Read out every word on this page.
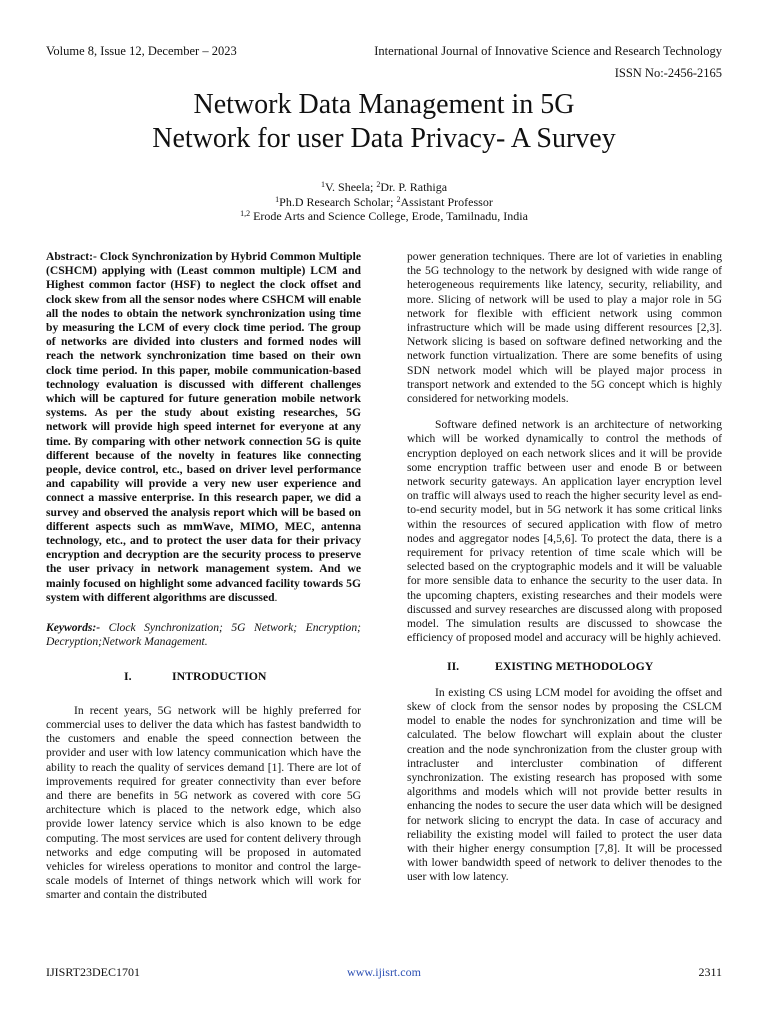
Volume 8, Issue 12, December – 2023	International Journal of Innovative Science and Research Technology
ISSN No:-2456-2165
Network Data Management in 5G
Network for user Data Privacy- A Survey
$^1$V. Sheela; $^2$Dr. P. Rathiga
$^1$Ph.D Research Scholar; $^2$Assistant Professor
$^{1,2}$ Erode Arts and Science College, Erode, Tamilnadu, India

Abstract:- Clock Synchronization by Hybrid Common Multiple (CSHCM) applying with (Least common multiple) LCM and Highest common factor (HSF) to neglect the clock offset and clock skew from all the sensor nodes where CSHCM will enable all the nodes to obtain the network synchronization using time by measuring the LCM of every clock time period. The group of networks are divided into clusters and formed nodes will reach the network synchronization time based on their own clock time period. In this paper, mobile communication-based technology evaluation is discussed with different challenges which will be captured for future generation mobile network systems. As per the study about existing researches, 5G network will provide high speed internet for everyone at any time. By comparing with other network connection 5G is quite different because of the novelty in features like connecting people, device control, etc., based on driver level performance and capability will provide a very new user experience and connect a massive enterprise. In this research paper, we did a survey and observed the analysis report which will be based on different aspects such as mmWave, MIMO, MEC, antenna technology, etc., and to protect the user data for their privacy encryption and decryption are the security process to preserve the user privacy in network management system. And we mainly focused on highlight some advanced facility towards 5G system with different algorithms are discussed.

Keywords:- Clock Synchronization; 5G Network; Encryption; Decryption;Network Management.

I.	INTRODUCTION

In recent years, 5G network will be highly preferred for commercial uses to deliver the data which has fastest bandwidth to the customers and enable the speed connection between the provider and user with low latency communication which have the ability to reach the quality of services demand [1]. There are lot of improvements required for greater connectivity than ever before and there are benefits in 5G network as covered with core 5G architecture which is placed to the network edge, which also provide lower latency service which is also known to be edge computing. The most services are used for content delivery through networks and edge computing will be proposed in automated vehicles for wireless operations to monitor and control the large-scale models of Internet of things network which will work for smarter and contain the distributed

power generation techniques. There are lot of varieties in enabling the 5G technology to the network by designed with wide range of heterogeneous requirements like latency, security, reliability, and more. Slicing of network will be used to play a major role in 5G network for flexible with efficient network using common infrastructure which will be made using different resources [2,3]. Network slicing is based on software defined networking and the network function virtualization. There are some benefits of using SDN network model which will be played major process in transport network and extended to the 5G concept which is highly considered for networking models.

Software defined network is an architecture of networking which will be worked dynamically to control the methods of encryption deployed on each network slices and it will be provide some encryption traffic between user and enode B or between network security gateways. An application layer encryption level on traffic will always used to reach the higher security level as end-to-end security model, but in 5G network it has some critical links within the resources of secured application with flow of metro nodes and aggregator nodes [4,5,6]. To protect the data, there is a requirement for privacy retention of time scale which will be selected based on the cryptographic models and it will be valuable for more sensible data to enhance the security to the user data. In the upcoming chapters, existing researches and their models were discussed and survey researches are discussed along with proposed model. The simulation results are discussed to showcase the efficiency of proposed model and accuracy will be highly achieved.

II.	EXISTING METHODOLOGY

In existing CS using LCM model for avoiding the offset and skew of clock from the sensor nodes by proposing the CSLCM model to enable the nodes for synchronization and time will be calculated. The below flowchart will explain about the cluster creation and the node synchronization from the cluster group with intracluster and intercluster combination of different synchronization. The existing research has proposed with some algorithms and models which will not provide better results in enhancing the nodes to secure the user data which will be designed for network slicing to encrypt the data. In case of accuracy and reliability the existing model will failed to protect the user data with their higher energy consumption [7,8]. It will be processed with lower bandwidth speed of network to deliver thenodes to the user with low latency.

IJISRT23DEC1701	www.ijisrt.com	2311
